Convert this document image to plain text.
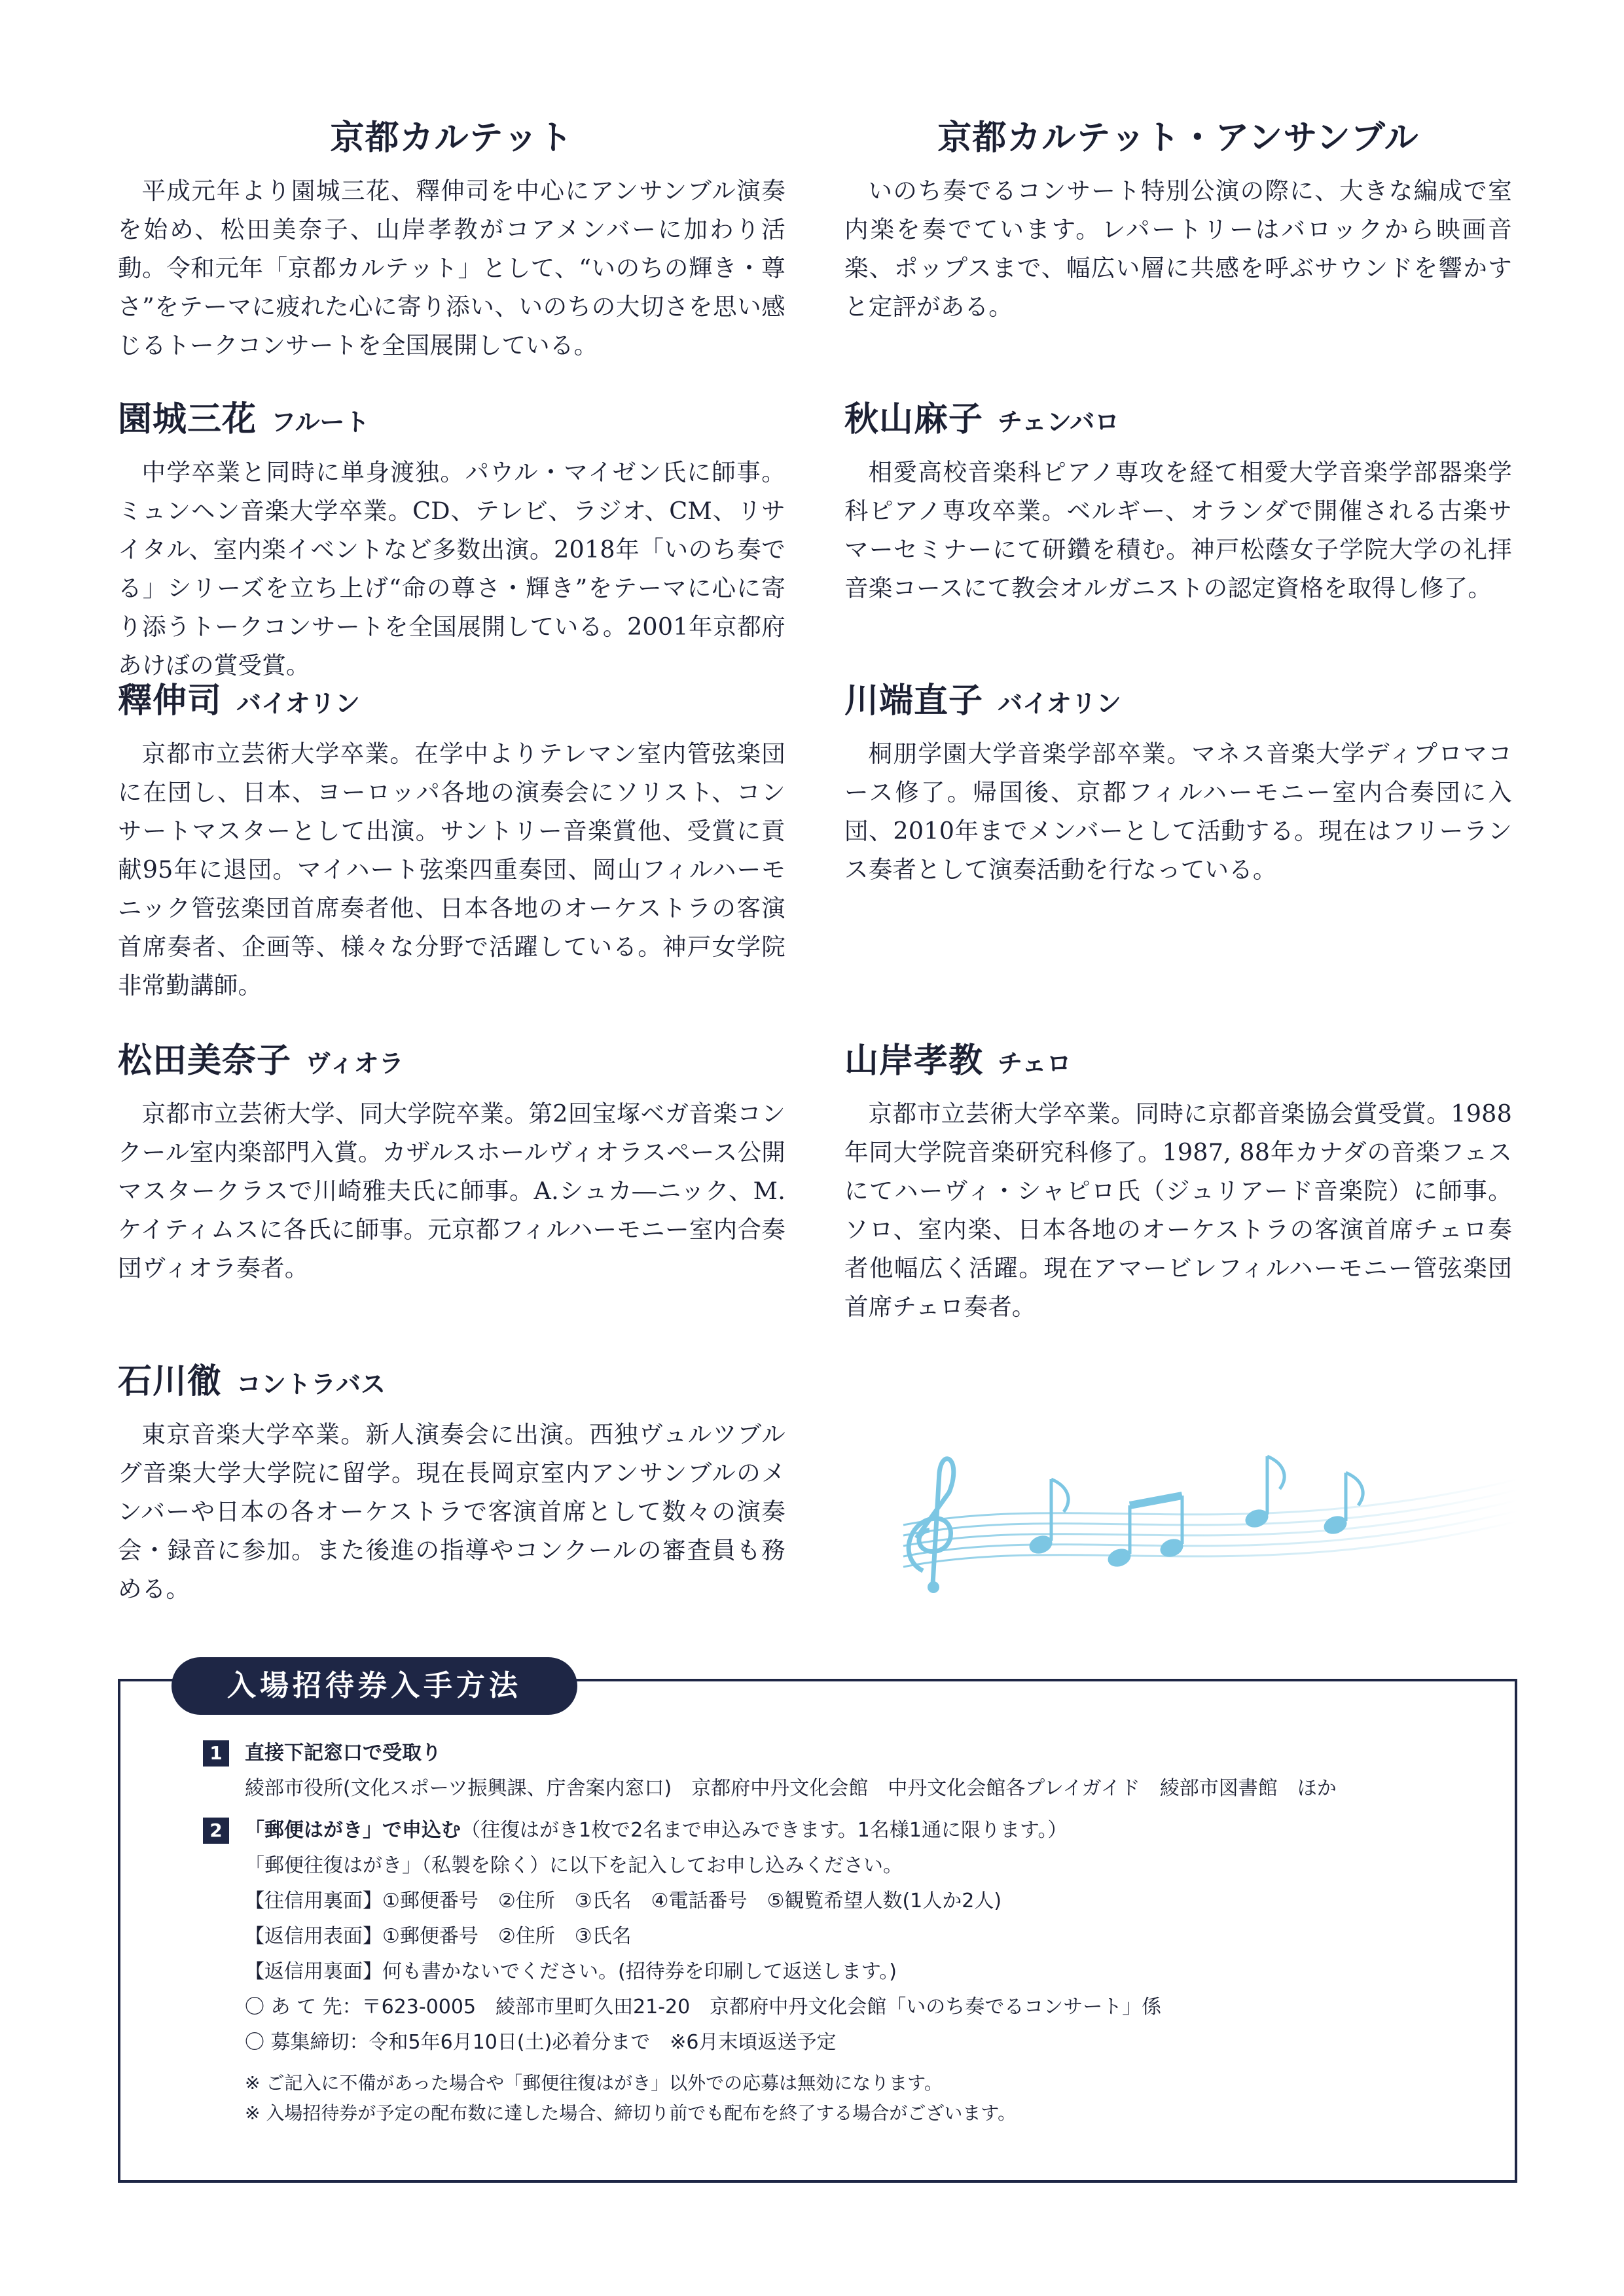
京都カルテット
平成元年より園城三花、釋伸司を中心にアンサンブル演奏を始め、松田美奈子、山岸孝教がコアメンバーに加わり活動。令和元年「京都カルテット」として、“いのちの輝き・尊さ”をテーマに疲れた心に寄り添い、いのちの大切さを思い感じるトークコンサートを全国展開している。
園城三花 フルート
中学卒業と同時に単身渡独。パウル・マイゼン氏に師事。ミュンヘン音楽大学卒業。CD、テレビ、ラジオ、CM、リサイタル、室内楽イベントなど多数出演。2018年「いのち奏でる」シリーズを立ち上げ“命の尊さ・輝き”をテーマに心に寄り添うトークコンサートを全国展開している。2001年京都府あけぼの賞受賞。
釋伸司 バイオリン
京都市立芸術大学卒業。在学中よりテレマン室内管弦楽団に在団し、日本、ヨーロッパ各地の演奏会にソリスト、コンサートマスターとして出演。サントリー音楽賞他、受賞に貢献95年に退団。マイハート弦楽四重奏団、岡山フィルハーモニック管弦楽団首席奏者他、日本各地のオーケストラの客演首席奏者、企画等、様々な分野で活躍している。神戸女学院非常勤講師。
松田美奈子 ヴィオラ
京都市立芸術大学、同大学院卒業。第2回宝塚ベガ音楽コンクール室内楽部門入賞。カザルスホールヴィオラスペース公開マスタークラスで川崎雅夫氏に師事。A.シュカ―ニック、M.ケイティムスに各氏に師事。元京都フィルハーモニー室内合奏団ヴィオラ奏者。
石川徹 コントラバス
東京音楽大学卒業。新人演奏会に出演。西独ヴュルツブルグ音楽大学大学院に留学。現在長岡京室内アンサンブルのメンバーや日本の各オーケストラで客演首席として数々の演奏会・録音に参加。また後進の指導やコンクールの審査員も務める。
京都カルテット・アンサンブル
いのち奏でるコンサート特別公演の際に、大きな編成で室内楽を奏でています。レパートリーはバロックから映画音楽、ポップスまで、幅広い層に共感を呼ぶサウンドを響かすと定評がある。
秋山麻子 チェンバロ
相愛高校音楽科ピアノ専攻を経て相愛大学音楽学部器楽学科ピアノ専攻卒業。ベルギー、オランダで開催される古楽サマーセミナーにて研鑽を積む。神戸松蔭女子学院大学の礼拝音楽コースにて教会オルガニストの認定資格を取得し修了。
川端直子 バイオリン
桐朋学園大学音楽学部卒業。マネス音楽大学ディプロマコース修了。帰国後、京都フィルハーモニー室内合奏団に入団、2010年までメンバーとして活動する。現在はフリーランス奏者として演奏活動を行なっている。
山岸孝教 チェロ
京都市立芸術大学卒業。同時に京都音楽協会賞受賞。1988年同大学院音楽研究科修了。1987, 88年カナダの音楽フェスにてハーヴィ・シャピロ氏（ジュリアード音楽院）に師事。ソロ、室内楽、日本各地のオーケストラの客演首席チェロ奏者他幅広く活躍。現在アマービレフィルハーモニー管弦楽団首席チェロ奏者。
入場招待券入手方法
1	直接下記窓口で受取り
綾部市役所(文化スポーツ振興課、庁舎案内窓口)　京都府中丹文化会館　中丹文化会館各プレイガイド　綾部市図書館　ほか
2	「郵便はがき」で申込む （往復はがき1枚で2名まで申込みできます。1名様1通に限ります。）
「郵便往復はがき」（私製を除く）に以下を記入してお申し込みください。
【往信用裏面】①郵便番号　②住所　③氏名　④電話番号　⑤観覧希望人数(1人か2人)
【返信用表面】①郵便番号　②住所　③氏名
【返信用裏面】何も書かないでください。(招待券を印刷して返送します。)
〇 あ て 先：〒623-0005　綾部市里町久田21-20　京都府中丹文化会館「いのち奏でるコンサート」係
〇 募集締切：令和5年6月10日(土)必着分まで　※6月末頃返送予定
※ ご記入に不備があった場合や「郵便往復はがき」以外での応募は無効になります。
※ 入場招待券が予定の配布数に達した場合、締切り前でも配布を終了する場合がございます。
